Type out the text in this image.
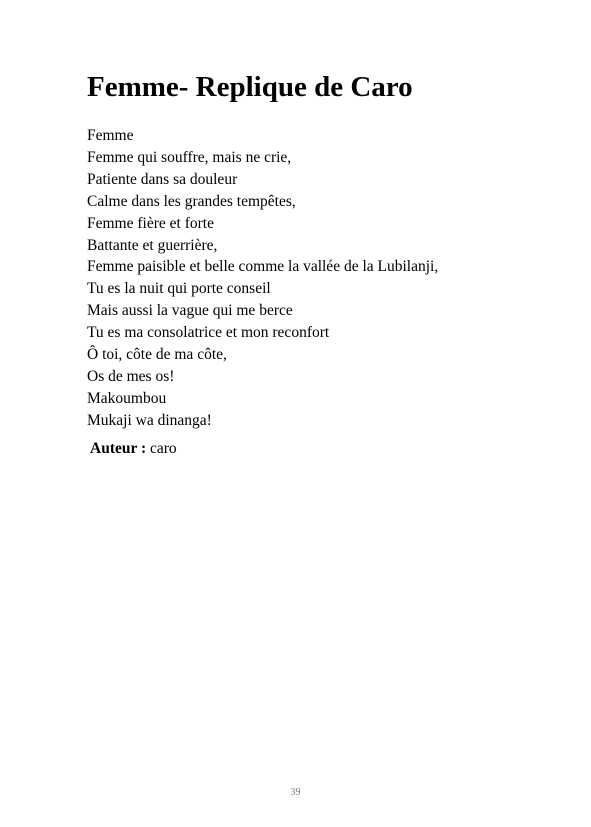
Femme- Replique de Caro
Femme
Femme qui souffre, mais ne crie,
Patiente dans sa douleur
Calme dans les grandes tempêtes,
Femme fière et forte
Battante et guerrière,
Femme paisible et belle comme la vallée de la Lubilanji,
Tu es la nuit qui porte conseil
Mais aussi la vague qui me berce
Tu es ma consolatrice et mon reconfort
Ô toi, côte de ma côte,
Os de mes os!
Makoumbou
Mukaji wa dinanga!
Auteur : caro
39
